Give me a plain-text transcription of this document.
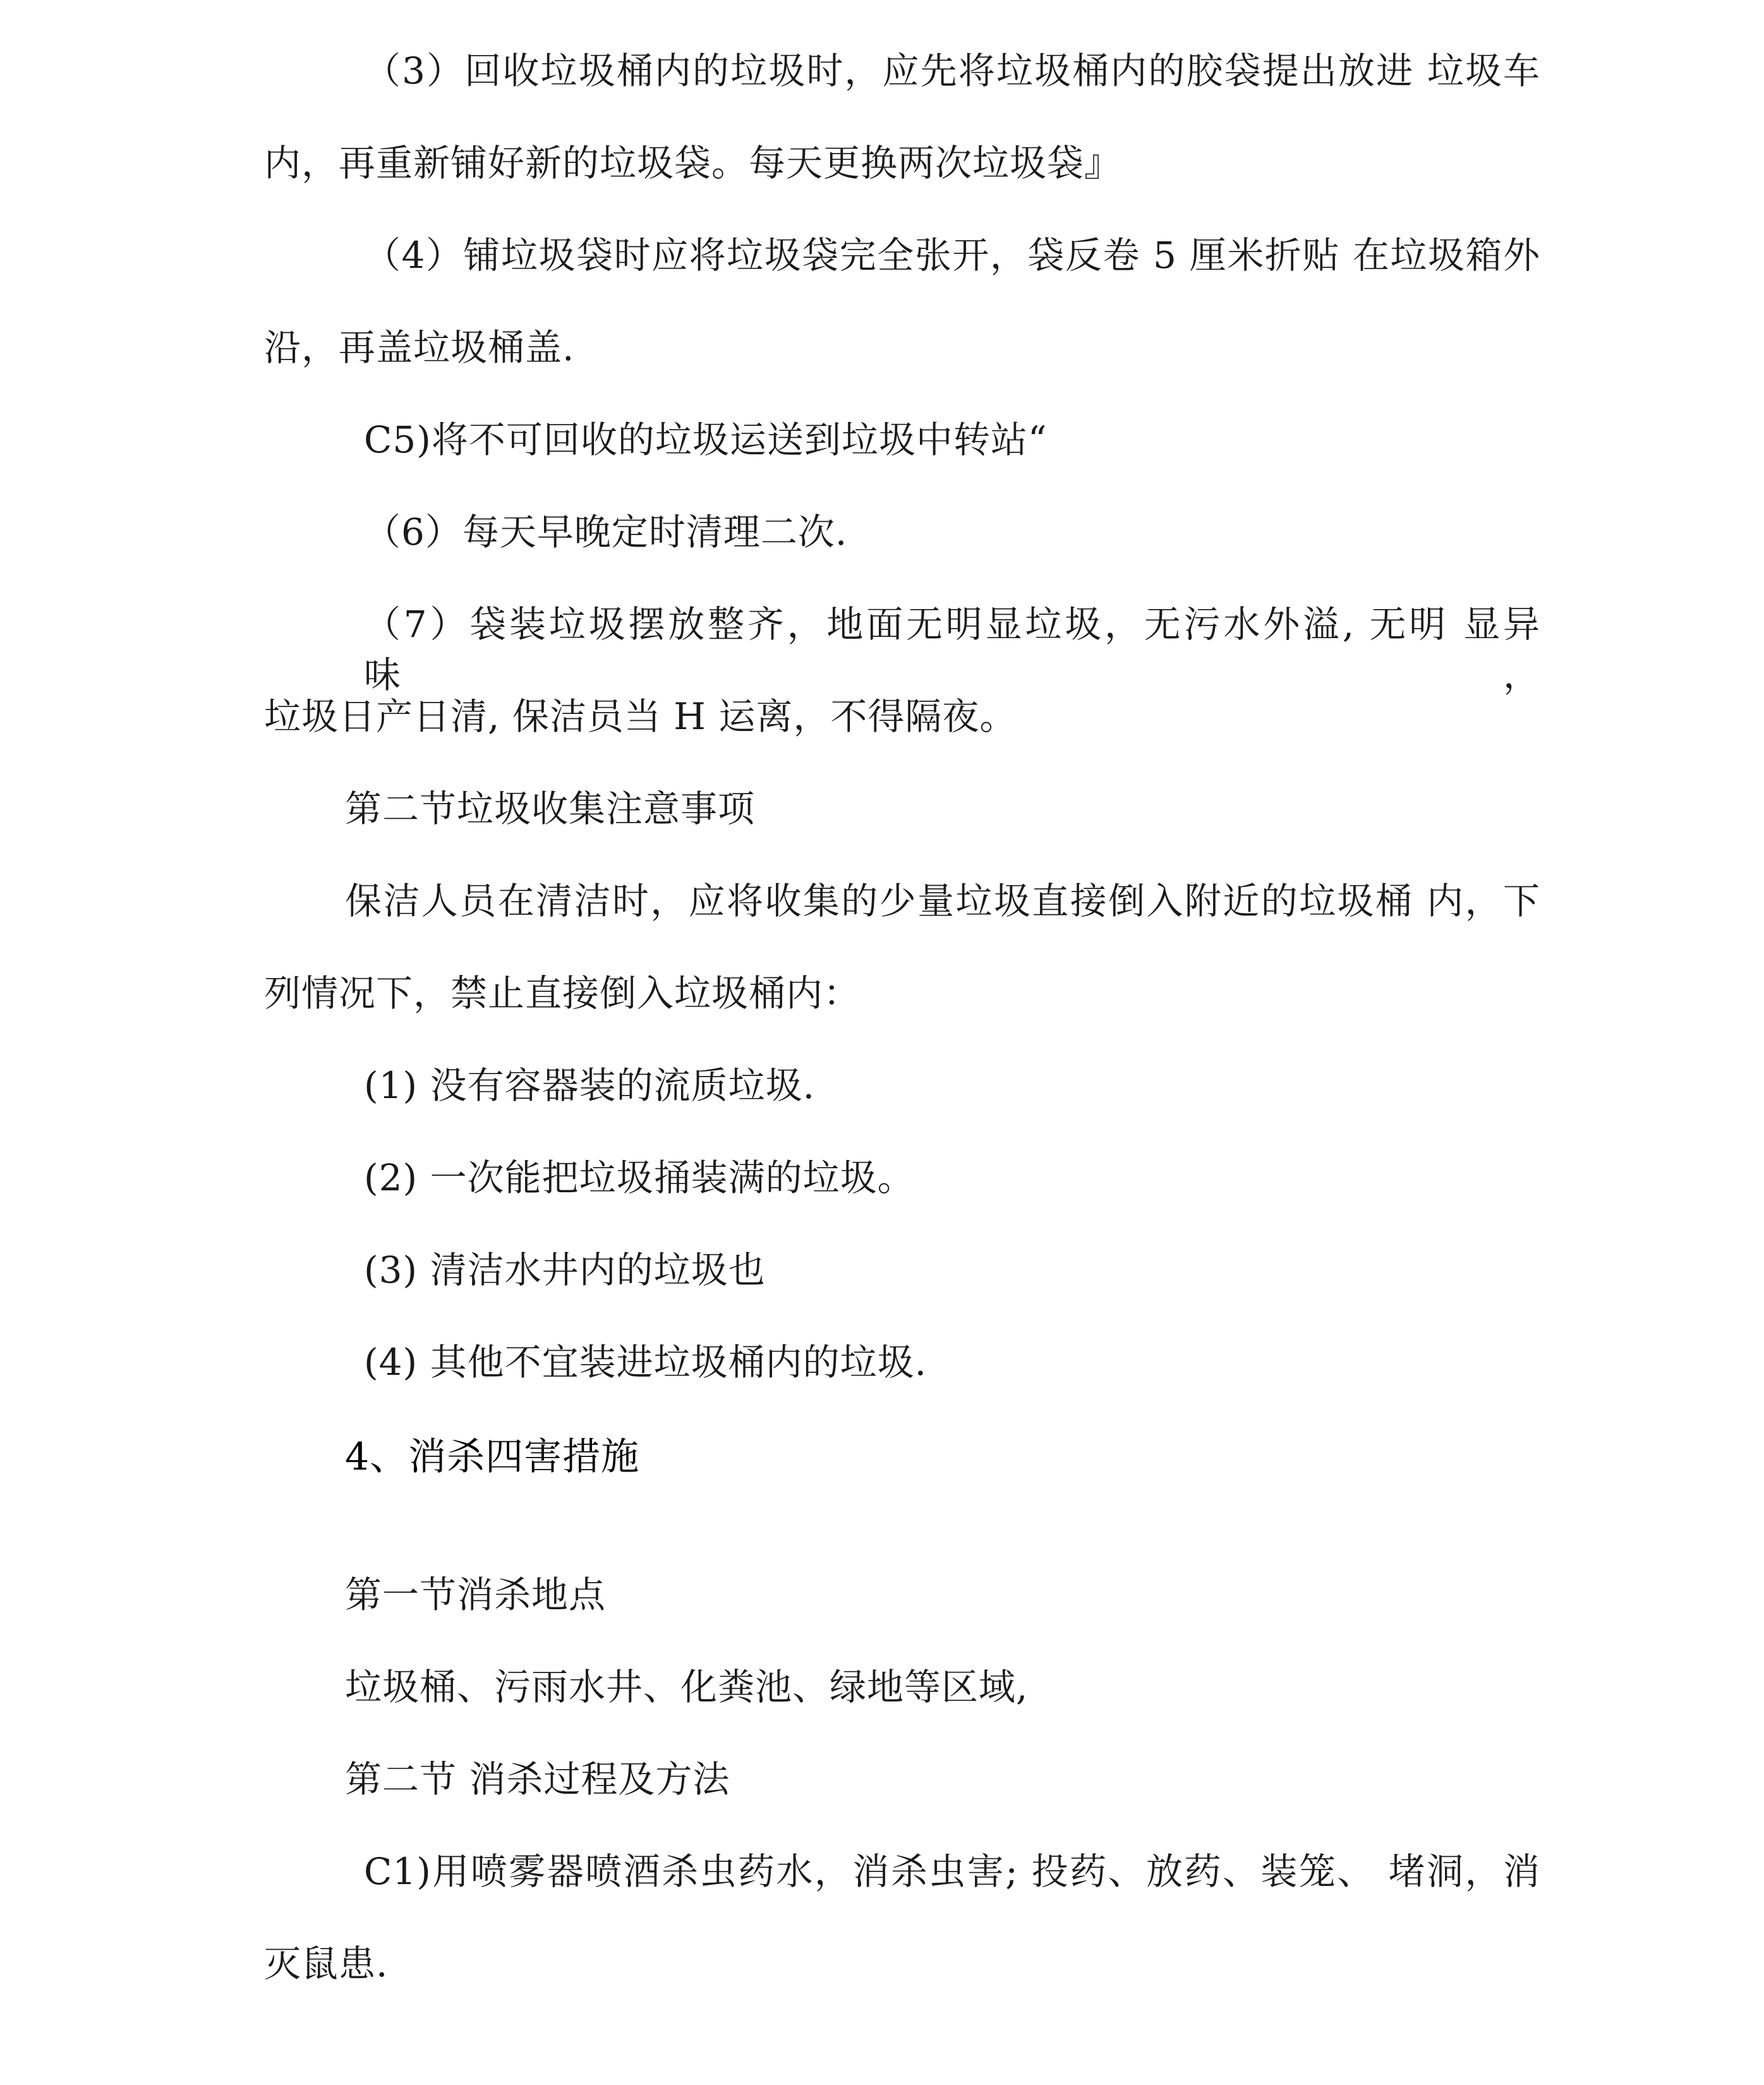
（3）回收垃圾桶内的垃圾时，应先将垃圾桶内的胶袋提出放进 垃圾车
内，再重新铺好新的垃圾袋。每天更换两次垃圾袋』
（4）铺垃圾袋时应将垃圾袋完全张开，袋反卷 5 厘米折贴 在垃圾箱外
沿，再盖垃圾桶盖.
C5)将不可回收的垃圾运送到垃圾中转站“
（6）每天早晚定时清理二次.
（7）袋装垃圾摆放整齐，地面无明显垃圾，无污水外溢, 无明 显异味，
垃圾日产日清, 保洁员当 H 运离，不得隔夜。
第二节垃圾收集注意事项
保洁人员在清洁时，应将收集的少量垃圾直接倒入附近的垃圾桶 内，下
列情况下，禁止直接倒入垃圾桶内：
(1) 没有容器装的流质垃圾.
(2) 一次能把垃圾捅装满的垃圾。
(3) 清洁水井内的垃圾也
(4) 其他不宜装进垃圾桶内的垃圾.
4、消杀四害措施
第一节消杀地点
垃圾桶、污雨水井、化粪池、绿地等区域,
第二节 消杀过程及方法
C1)用喷雾器喷酒杀虫药水，消杀虫害; 投药、放药、装笼、 堵洞，消
灭鼠患.
